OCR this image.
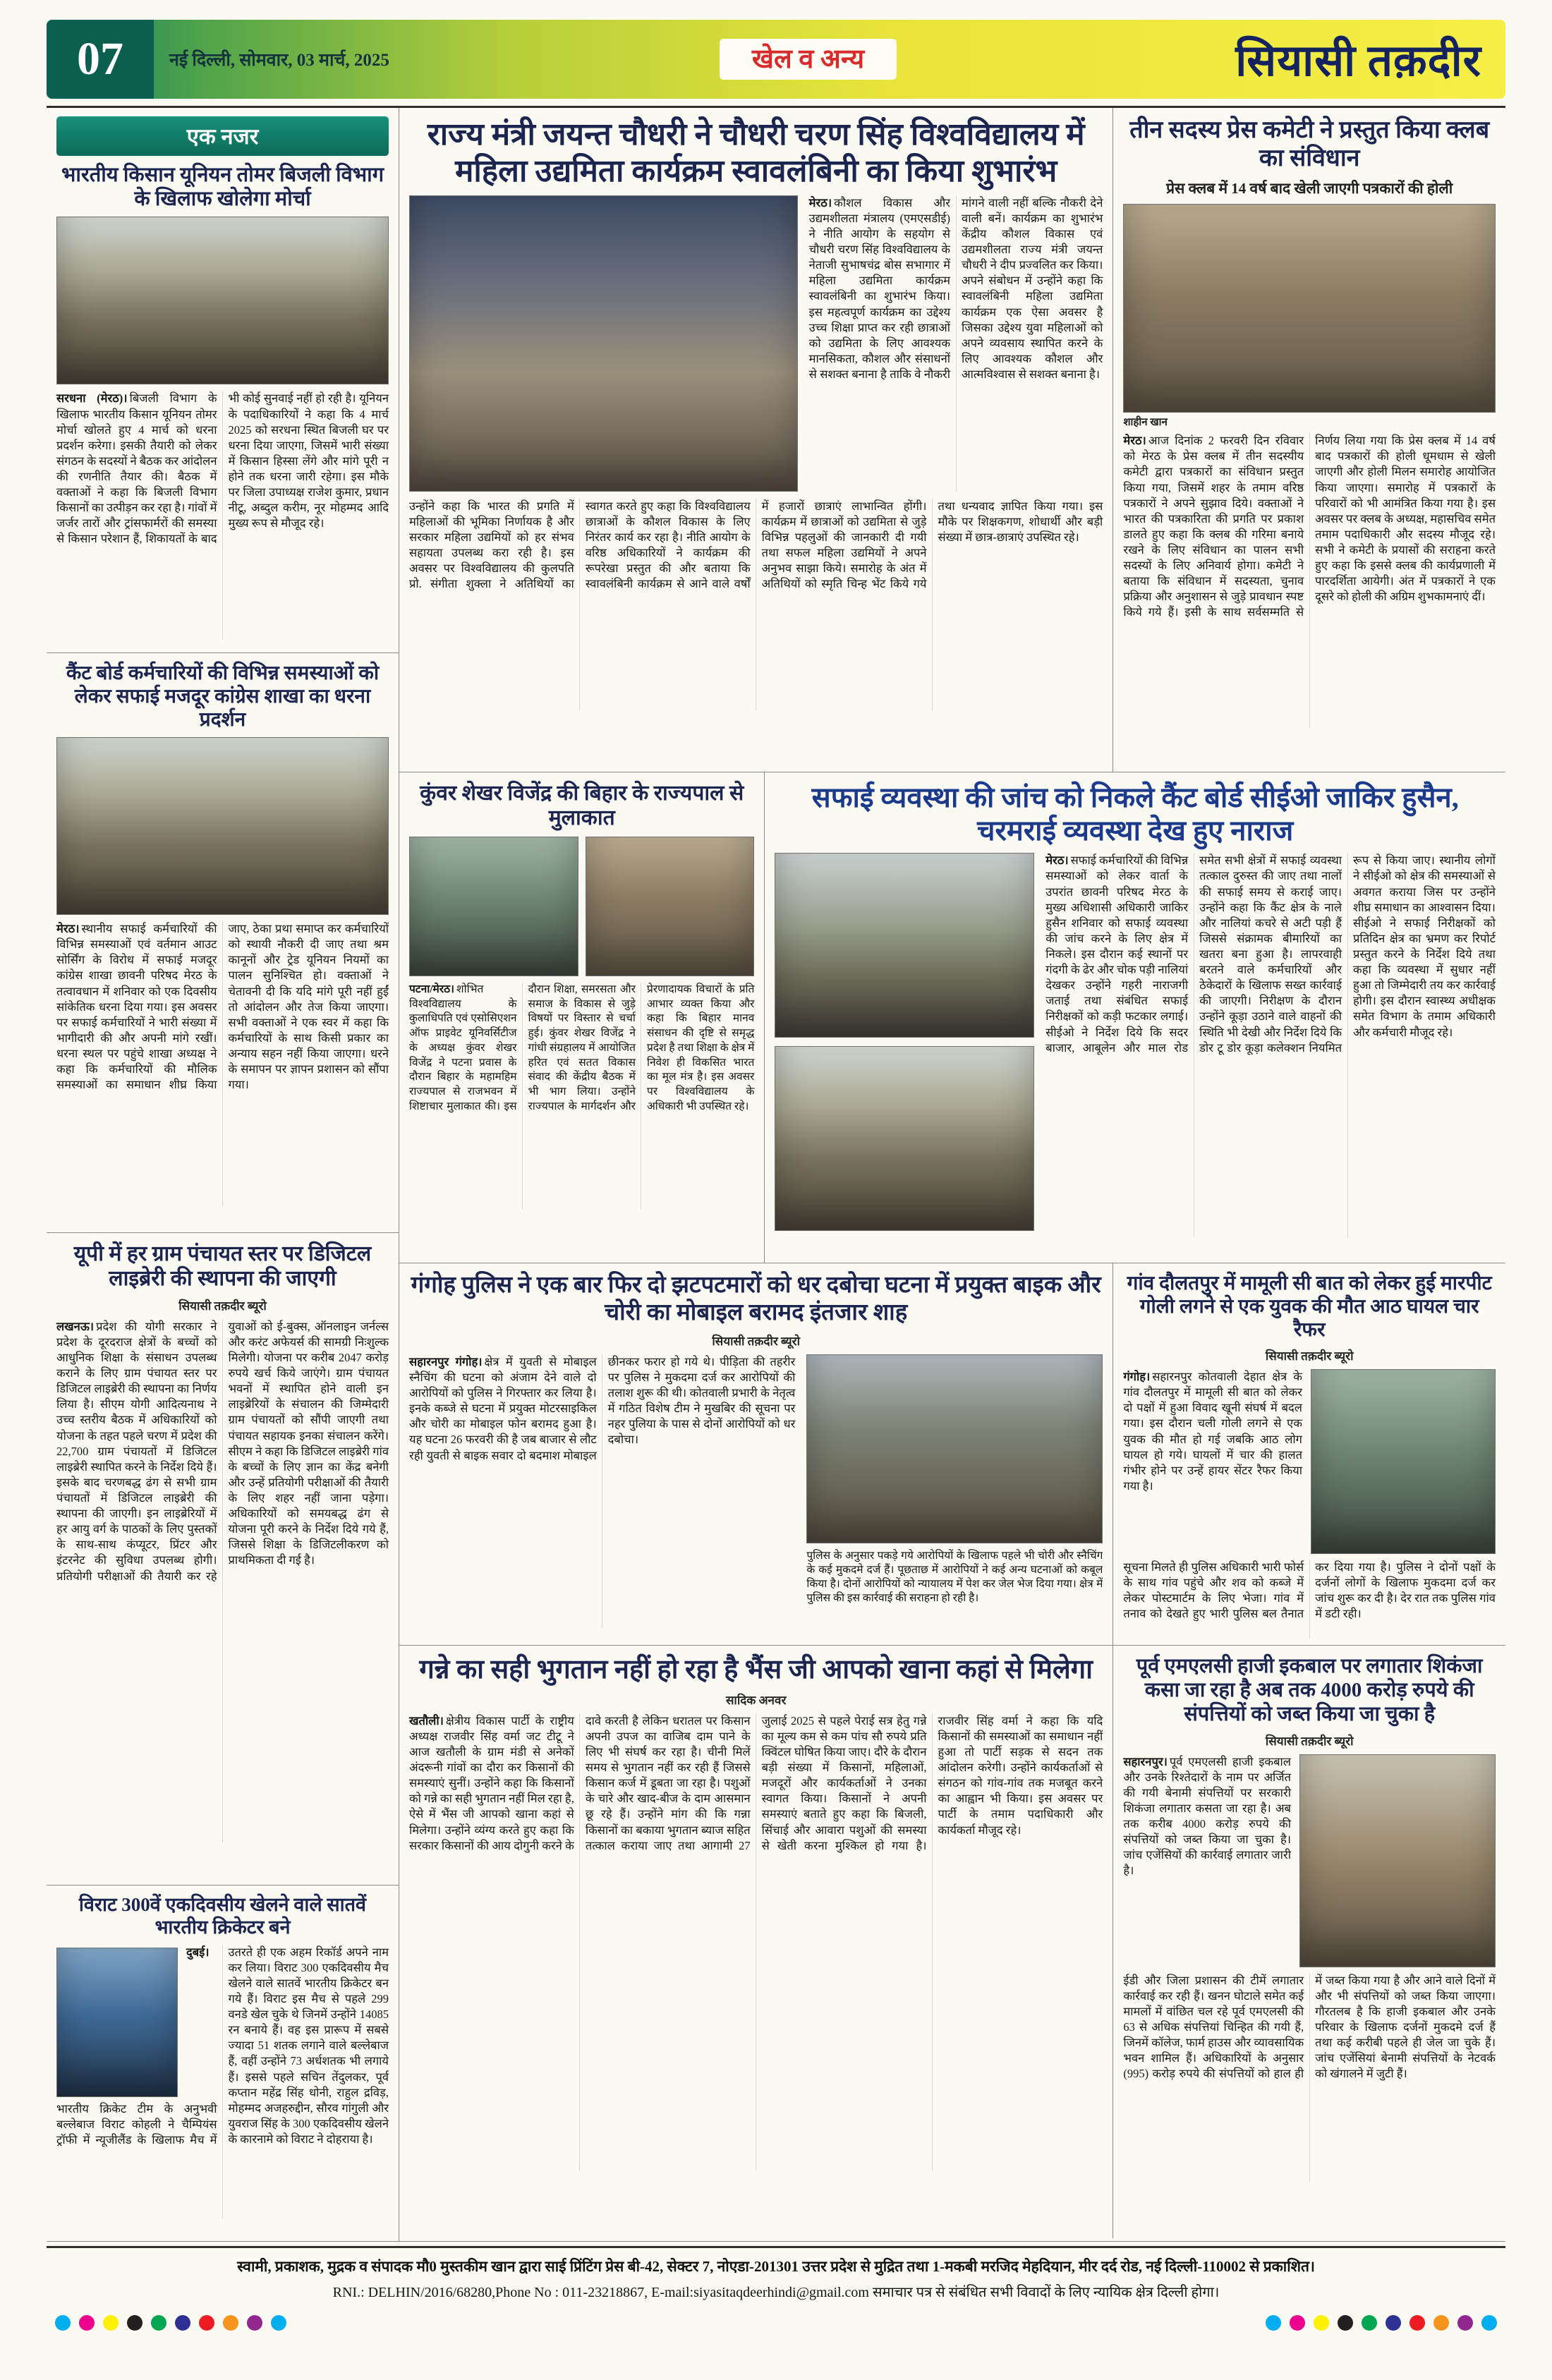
07	नई दिल्ली, सोमवार, 03 मार्च, 2025	खेल व अन्य	सियासी तक़दीर
एक नजर
भारतीय किसान यूनियन तोमर बिजली विभाग के खिलाफ खोलेगा मोर्चा

सरधना (मेरठ)। बिजली विभाग के खिलाफ भारतीय किसान यूनियन तोमर मोर्चा खोलते हुए 4 मार्च को धरना प्रदर्शन करेगा। इसकी तैयारी को लेकर संगठन के सदस्यों ने बैठक कर आंदोलन की रणनीति तैयार की। बैठक में वक्ताओं ने कहा कि बिजली विभाग किसानों का उत्पीड़न कर रहा है। गांवों में जर्जर तारों और ट्रांसफार्मरों की समस्या से किसान परेशान हैं, शिकायतों के बाद भी कोई सुनवाई नहीं हो रही है। यूनियन के पदाधिकारियों ने कहा कि 4 मार्च 2025 को सरधना स्थित बिजली घर पर धरना दिया जाएगा, जिसमें भारी संख्या में किसान हिस्सा लेंगे और मांगे पूरी न होने तक धरना जारी रहेगा। इस मौके पर जिला उपाध्यक्ष राजेश कुमार, प्रधान नीटू, अब्दुल करीम, नूर मोहम्मद आदि मुख्य रूप से मौजूद रहे।

कैंट बोर्ड कर्मचारियों की विभिन्न समस्याओं को लेकर सफाई मजदूर कांग्रेस शाखा का धरना प्रदर्शन

मेरठ। स्थानीय सफाई कर्मचारियों की विभिन्न समस्याओं एवं वर्तमान आउट सोर्सिंग के विरोध में सफाई मजदूर कांग्रेस शाखा छावनी परिषद मेरठ के तत्वावधान में शनिवार को एक दिवसीय सांकेतिक धरना दिया गया। इस अवसर पर सफाई कर्मचारियों ने भारी संख्या में भागीदारी की और अपनी मांगे रखीं। धरना स्थल पर पहुंचे शाखा अध्यक्ष ने कहा कि कर्मचारियों की मौलिक समस्याओं का समाधान शीघ्र किया जाए, ठेका प्रथा समाप्त कर कर्मचारियों को स्थायी नौकरी दी जाए तथा श्रम कानूनों और ट्रेड यूनियन नियमों का पालन सुनिश्चित हो। वक्ताओं ने चेतावनी दी कि यदि मांगे पूरी नहीं हुईं तो आंदोलन और तेज किया जाएगा। सभी वक्ताओं ने एक स्वर में कहा कि कर्मचारियों के साथ किसी प्रकार का अन्याय सहन नहीं किया जाएगा। धरने के समापन पर ज्ञापन प्रशासन को सौंपा गया।

यूपी में हर ग्राम पंचायत स्तर पर डिजिटल लाइब्रेरी की स्थापना की जाएगी
सियासी तक़दीर ब्यूरो

लखनऊ। प्रदेश की योगी सरकार ने प्रदेश के दूरदराज क्षेत्रों के बच्चों को आधुनिक शिक्षा के संसाधन उपलब्ध कराने के लिए ग्राम पंचायत स्तर पर डिजिटल लाइब्रेरी की स्थापना का निर्णय लिया है। सीएम योगी आदित्यनाथ ने उच्च स्तरीय बैठक में अधिकारियों को योजना के तहत पहले चरण में प्रदेश की 22,700 ग्राम पंचायतों में डिजिटल लाइब्रेरी स्थापित करने के निर्देश दिये हैं। इसके बाद चरणबद्ध ढंग से सभी ग्राम पंचायतों में डिजिटल लाइब्रेरी की स्थापना की जाएगी। इन लाइब्रेरियों में हर आयु वर्ग के पाठकों के लिए पुस्तकों के साथ-साथ कंप्यूटर, प्रिंटर और इंटरनेट की सुविधा उपलब्ध होगी। प्रतियोगी परीक्षाओं की तैयारी कर रहे युवाओं को ई-बुक्स, ऑनलाइन जर्नल्स और करंट अफेयर्स की सामग्री निःशुल्क मिलेगी। योजना पर करीब 2047 करोड़ रुपये खर्च किये जाएंगे। ग्राम पंचायत भवनों में स्थापित होने वाली इन लाइब्रेरियों के संचालन की जिम्मेदारी ग्राम पंचायतों को सौंपी जाएगी तथा पंचायत सहायक इनका संचालन करेंगे। सीएम ने कहा कि डिजिटल लाइब्रेरी गांव के बच्चों के लिए ज्ञान का केंद्र बनेगी और उन्हें प्रतियोगी परीक्षाओं की तैयारी के लिए शहर नहीं जाना पड़ेगा। अधिकारियों को समयबद्ध ढंग से योजना पूरी करने के निर्देश दिये गये हैं, जिससे शिक्षा के डिजिटलीकरण को प्राथमिकता दी गई है।

विराट 300वें एकदिवसीय खेलने वाले सातवें भारतीय क्रिकेटर बने

दुबई।भारतीय क्रिकेट टीम के अनुभवी बल्लेबाज विराट कोहली ने चैम्पियंस ट्रॉफी में न्यूजीलैंड के खिलाफ मैच में उतरते ही एक अहम रिकॉर्ड अपने नाम कर लिया। विराट 300 एकदिवसीय मैच खेलने वाले सातवें भारतीय क्रिकेटर बन गये हैं। विराट इस मैच से पहले 299 वनडे खेल चुके थे जिनमें उन्होंने 14085 रन बनाये हैं। वह इस प्रारूप में सबसे ज्यादा 51 शतक लगाने वाले बल्लेबाज हैं, वहीं उन्होंने 73 अर्धशतक भी लगाये हैं। इससे पहले सचिन तेंदुलकर, पूर्व कप्तान महेंद्र सिंह धोनी, राहुल द्रविड़, मोहम्मद अजहरुद्दीन, सौरव गांगुली और युवराज सिंह के 300 एकदिवसीय खेलने के कारनामे को विराट ने दोहराया है।

राज्य मंत्री जयन्त चौधरी ने चौधरी चरण सिंह विश्वविद्यालय में महिला उद्यमिता कार्यक्रम स्वावलंबिनी का किया शुभारंभ

मेरठ। कौशल विकास और उद्यमशीलता मंत्रालय (एमएसडीई) ने नीति आयोग के सहयोग से चौधरी चरण सिंह विश्वविद्यालय के नेताजी सुभाषचंद्र बोस सभागार में महिला उद्यमिता कार्यक्रम स्वावलंबिनी का शुभारंभ किया। इस महत्वपूर्ण कार्यक्रम का उद्देश्य उच्च शिक्षा प्राप्त कर रही छात्राओं को उद्यमिता के लिए आवश्यक मानसिकता, कौशल और संसाधनों से सशक्त बनाना है ताकि वे नौकरी मांगने वाली नहीं बल्कि नौकरी देने वाली बनें। कार्यक्रम का शुभारंभ केंद्रीय कौशल विकास एवं उद्यमशीलता राज्य मंत्री जयन्त चौधरी ने दीप प्रज्वलित कर किया। अपने संबोधन में उन्होंने कहा कि स्वावलंबिनी महिला उद्यमिता कार्यक्रम एक ऐसा अवसर है जिसका उद्देश्य युवा महिलाओं को अपने व्यवसाय स्थापित करने के लिए आवश्यक कौशल और आत्मविश्वास से सशक्त बनाना है।

उन्होंने कहा कि भारत की प्रगति में महिलाओं की भूमिका निर्णायक है और सरकार महिला उद्यमियों को हर संभव सहायता उपलब्ध करा रही है। इस अवसर पर विश्वविद्यालय की कुलपति प्रो. संगीता शुक्ला ने अतिथियों का स्वागत करते हुए कहा कि विश्वविद्यालय छात्राओं के कौशल विकास के लिए निरंतर कार्य कर रहा है। नीति आयोग के वरिष्ठ अधिकारियों ने कार्यक्रम की रूपरेखा प्रस्तुत की और बताया कि स्वावलंबिनी कार्यक्रम से आने वाले वर्षों में हजारों छात्राएं लाभान्वित होंगी। कार्यक्रम में छात्राओं को उद्यमिता से जुड़े विभिन्न पहलुओं की जानकारी दी गयी तथा सफल महिला उद्यमियों ने अपने अनुभव साझा किये। समारोह के अंत में अतिथियों को स्मृति चिन्ह भेंट किये गये तथा धन्यवाद ज्ञापित किया गया। इस मौके पर शिक्षकगण, शोधार्थी और बड़ी संख्या में छात्र-छात्राएं उपस्थित रहे।

तीन सदस्य प्रेस कमेटी ने प्रस्तुत किया क्लब का संविधान
प्रेस क्लब में 14 वर्ष बाद खेली जाएगी पत्रकारों की होली
शाहीन खान

मेरठ। आज दिनांक 2 फरवरी दिन रविवार को मेरठ के प्रेस क्लब में तीन सदस्यीय कमेटी द्वारा पत्रकारों का संविधान प्रस्तुत किया गया, जिसमें शहर के तमाम वरिष्ठ पत्रकारों ने अपने सुझाव दिये। वक्ताओं ने भारत की पत्रकारिता की प्रगति पर प्रकाश डालते हुए कहा कि क्लब की गरिमा बनाये रखने के लिए संविधान का पालन सभी सदस्यों के लिए अनिवार्य होगा। कमेटी ने बताया कि संविधान में सदस्यता, चुनाव प्रक्रिया और अनुशासन से जुड़े प्रावधान स्पष्ट किये गये हैं। इसी के साथ सर्वसम्मति से निर्णय लिया गया कि प्रेस क्लब में 14 वर्ष बाद पत्रकारों की होली धूमधाम से खेली जाएगी और होली मिलन समारोह आयोजित किया जाएगा। समारोह में पत्रकारों के परिवारों को भी आमंत्रित किया गया है। इस अवसर पर क्लब के अध्यक्ष, महासचिव समेत तमाम पदाधिकारी और सदस्य मौजूद रहे। सभी ने कमेटी के प्रयासों की सराहना करते हुए कहा कि इससे क्लब की कार्यप्रणाली में पारदर्शिता आयेगी। अंत में पत्रकारों ने एक दूसरे को होली की अग्रिम शुभकामनाएं दीं।

कुंवर शेखर विजेंद्र की बिहार के राज्यपाल से मुलाकात

पटना/मेरठ। शोभित विश्वविद्यालय के कुलाधिपति एवं एसोसिएशन ऑफ प्राइवेट यूनिवर्सिटीज के अध्यक्ष कुंवर शेखर विजेंद्र ने पटना प्रवास के दौरान बिहार के महामहिम राज्यपाल से राजभवन में शिष्टाचार मुलाकात की। इस दौरान शिक्षा, समरसता और समाज के विकास से जुड़े विषयों पर विस्तार से चर्चा हुई। कुंवर शेखर विजेंद्र ने गांधी संग्रहालय में आयोजित हरित एवं सतत विकास संवाद की केंद्रीय बैठक में भी भाग लिया। उन्होंने राज्यपाल के मार्गदर्शन और प्रेरणादायक विचारों के प्रति आभार व्यक्त किया और कहा कि बिहार मानव संसाधन की दृष्टि से समृद्ध प्रदेश है तथा शिक्षा के क्षेत्र में निवेश ही विकसित भारत का मूल मंत्र है। इस अवसर पर विश्वविद्यालय के अधिकारी भी उपस्थित रहे।

सफाई व्यवस्था की जांच को निकले कैंट बोर्ड सीईओ जाकिर हुसैन, चरमराई व्यवस्था देख हुए नाराज

मेरठ। सफाई कर्मचारियों की विभिन्न समस्याओं को लेकर वार्ता के उपरांत छावनी परिषद मेरठ के मुख्य अधिशासी अधिकारी जाकिर हुसैन शनिवार को सफाई व्यवस्था की जांच करने के लिए क्षेत्र में निकले। इस दौरान कई स्थानों पर गंदगी के ढेर और चोक पड़ी नालियां देखकर उन्होंने गहरी नाराजगी जताई तथा संबंधित सफाई निरीक्षकों को कड़ी फटकार लगाई। सीईओ ने निर्देश दिये कि सदर बाजार, आबूलेन और माल रोड समेत सभी क्षेत्रों में सफाई व्यवस्था तत्काल दुरुस्त की जाए तथा नालों की सफाई समय से कराई जाए। उन्होंने कहा कि कैंट क्षेत्र के नाले और नालियां कचरे से अटी पड़ी हैं जिससे संक्रामक बीमारियों का खतरा बना हुआ है। लापरवाही बरतने वाले कर्मचारियों और ठेकेदारों के खिलाफ सख्त कार्रवाई की जाएगी। निरीक्षण के दौरान उन्होंने कूड़ा उठाने वाले वाहनों की स्थिति भी देखी और निर्देश दिये कि डोर टू डोर कूड़ा कलेक्शन नियमित रूप से किया जाए। स्थानीय लोगों ने सीईओ को क्षेत्र की समस्याओं से अवगत कराया जिस पर उन्होंने शीघ्र समाधान का आश्वासन दिया। सीईओ ने सफाई निरीक्षकों को प्रतिदिन क्षेत्र का भ्रमण कर रिपोर्ट प्रस्तुत करने के निर्देश दिये तथा कहा कि व्यवस्था में सुधार नहीं हुआ तो जिम्मेदारी तय कर कार्रवाई होगी। इस दौरान स्वास्थ्य अधीक्षक समेत विभाग के तमाम अधिकारी और कर्मचारी मौजूद रहे।

गंगोह पुलिस ने एक बार फिर दो झटपटमारों को धर दबोचा घटना में प्रयुक्त बाइक और चोरी का मोबाइल बरामद इंतजार शाह
सियासी तक़दीर ब्यूरो

सहारनपुर गंगोह। क्षेत्र में युवती से मोबाइल स्नैचिंग की घटना को अंजाम देने वाले दो आरोपियों को पुलिस ने गिरफ्तार कर लिया है। इनके कब्जे से घटना में प्रयुक्त मोटरसाइकिल और चोरी का मोबाइल फोन बरामद हुआ है। यह घटना 26 फरवरी की है जब बाजार से लौट रही युवती से बाइक सवार दो बदमाश मोबाइल छीनकर फरार हो गये थे। पीड़िता की तहरीर पर पुलिस ने मुकदमा दर्ज कर आरोपियों की तलाश शुरू की थी। कोतवाली प्रभारी के नेतृत्व में गठित विशेष टीम ने मुखबिर की सूचना पर नहर पुलिया के पास से दोनों आरोपियों को धर दबोचा।

पुलिस के अनुसार पकड़े गये आरोपियों के खिलाफ पहले भी चोरी और स्नैचिंग के कई मुकदमे दर्ज हैं। पूछताछ में आरोपियों ने कई अन्य घटनाओं को कबूल किया है। दोनों आरोपियों को न्यायालय में पेश कर जेल भेज दिया गया। क्षेत्र में पुलिस की इस कार्रवाई की सराहना हो रही है।
गांव दौलतपुर में मामूली सी बात को लेकर हुई मारपीट गोली लगने से एक युवक की मौत आठ घायल चार रैफर
सियासी तक़दीर ब्यूरो

गंगोह। सहारनपुर कोतवाली देहात क्षेत्र के गांव दौलतपुर में मामूली सी बात को लेकर दो पक्षों में हुआ विवाद खूनी संघर्ष में बदल गया। इस दौरान चली गोली लगने से एक युवक की मौत हो गई जबकि आठ लोग घायल हो गये। घायलों में चार की हालत गंभीर होने पर उन्हें हायर सेंटर रैफर किया गया है।

सूचना मिलते ही पुलिस अधिकारी भारी फोर्स के साथ गांव पहुंचे और शव को कब्जे में लेकर पोस्टमार्टम के लिए भेजा। गांव में तनाव को देखते हुए भारी पुलिस बल तैनात कर दिया गया है। पुलिस ने दोनों पक्षों के दर्जनों लोगों के खिलाफ मुकदमा दर्ज कर जांच शुरू कर दी है। देर रात तक पुलिस गांव में डटी रही।

गन्ने का सही भुगतान नहीं हो रहा है भैंस जी आपको खाना कहां से मिलेगा
सादिक अनवर

खतौली। क्षेत्रीय विकास पार्टी के राष्ट्रीय अध्यक्ष राजवीर सिंह वर्मा जट टीटू ने आज खतौली के ग्राम मंडी से अनेकों अंदरूनी गांवों का दौरा कर किसानों की समस्याएं सुनीं। उन्होंने कहा कि किसानों को गन्ने का सही भुगतान नहीं मिल रहा है, ऐसे में भैंस जी आपको खाना कहां से मिलेगा। उन्होंने व्यंग्य करते हुए कहा कि सरकार किसानों की आय दोगुनी करने के दावे करती है लेकिन धरातल पर किसान अपनी उपज का वाजिब दाम पाने के लिए भी संघर्ष कर रहा है। चीनी मिलें समय से भुगतान नहीं कर रही हैं जिससे किसान कर्ज में डूबता जा रहा है। पशुओं के चारे और खाद-बीज के दाम आसमान छू रहे हैं। उन्होंने मांग की कि गन्ना किसानों का बकाया भुगतान ब्याज सहित तत्काल कराया जाए तथा आगामी 27 जुलाई 2025 से पहले पेराई सत्र हेतु गन्ने का मूल्य कम से कम पांच सौ रुपये प्रति क्विंटल घोषित किया जाए। दौरे के दौरान बड़ी संख्या में किसानों, महिलाओं, मजदूरों और कार्यकर्ताओं ने उनका स्वागत किया। किसानों ने अपनी समस्याएं बताते हुए कहा कि बिजली, सिंचाई और आवारा पशुओं की समस्या से खेती करना मुश्किल हो गया है। राजवीर सिंह वर्मा ने कहा कि यदि किसानों की समस्याओं का समाधान नहीं हुआ तो पार्टी सड़क से सदन तक आंदोलन करेगी। उन्होंने कार्यकर्ताओं से संगठन को गांव-गांव तक मजबूत करने का आह्वान भी किया। इस अवसर पर पार्टी के तमाम पदाधिकारी और कार्यकर्ता मौजूद रहे।

पूर्व एमएलसी हाजी इकबाल पर लगातार शिकंजा कसा जा रहा है अब तक 4000 करोड़ रुपये की संपत्तियों को जब्त किया जा चुका है
सियासी तक़दीर ब्यूरो

सहारनपुर। पूर्व एमएलसी हाजी इकबाल और उनके रिश्तेदारों के नाम पर अर्जित की गयी बेनामी संपत्तियों पर सरकारी शिकंजा लगातार कसता जा रहा है। अब तक करीब 4000 करोड़ रुपये की संपत्तियों को जब्त किया जा चुका है। जांच एजेंसियों की कार्रवाई लगातार जारी है।

ईडी और जिला प्रशासन की टीमें लगातार कार्रवाई कर रही हैं। खनन घोटाले समेत कई मामलों में वांछित चल रहे पूर्व एमएलसी की 63 से अधिक संपत्तियां चिन्हित की गयी हैं, जिनमें कॉलेज, फार्म हाउस और व्यावसायिक भवन शामिल हैं। अधिकारियों के अनुसार (995) करोड़ रुपये की संपत्तियों को हाल ही में जब्त किया गया है और आने वाले दिनों में और भी संपत्तियों को जब्त किया जाएगा। गौरतलब है कि हाजी इकबाल और उनके परिवार के खिलाफ दर्जनों मुकदमे दर्ज हैं तथा कई करीबी पहले ही जेल जा चुके हैं। जांच एजेंसियां बेनामी संपत्तियों के नेटवर्क को खंगालने में जुटी हैं।

स्वामी, प्रकाशक, मुद्रक व संपादक मौ0 मुस्तकीम खान द्वारा साई प्रिंटिंग प्रेस बी-42, सेक्टर 7, नोएडा-201301 उत्तर प्रदेश से मुद्रित तथा 1-मकबी मरजिद मेहदियान, मीर दर्द रोड, नई दिल्ली-110002 से प्रकाशित।
RNI.: DELHIN/2016/68280,Phone No : 011-23218867, E-mail:siyasitaqdeerhindi@gmail.com समाचार पत्र से संबंधित सभी विवादों के लिए न्यायिक क्षेत्र दिल्ली होगा।
